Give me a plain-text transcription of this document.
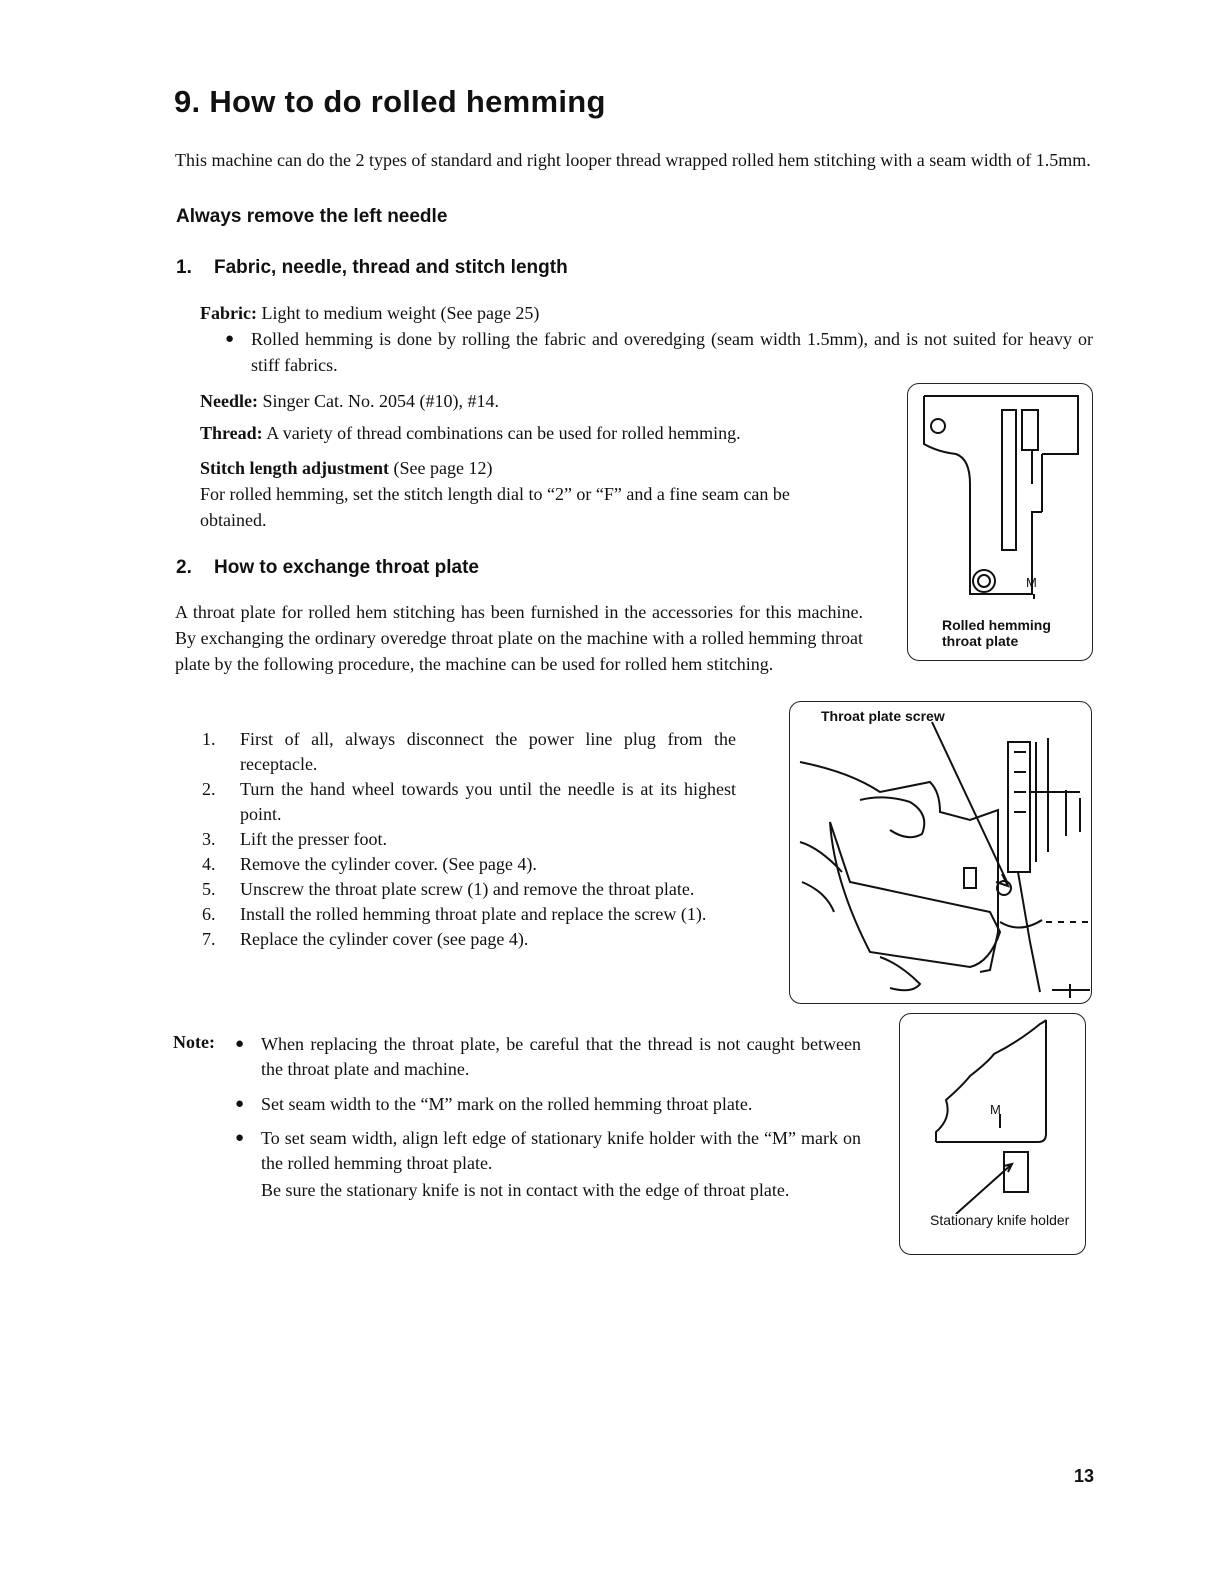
9. How to do rolled hemming
This machine can do the 2 types of standard and right looper thread wrapped rolled hem stitching with a seam width of 1.5mm.
Always remove the left needle
1. Fabric, needle, thread and stitch length
Fabric: Light to medium weight (See page 25)
● Rolled hemming is done by rolling the fabric and overedging (seam width 1.5mm), and is not suited for heavy or stiff fabrics.
Needle: Singer Cat. No. 2054 (#10), #14.
Thread: A variety of thread combinations can be used for rolled hemming.
Stitch length adjustment (See page 12)
For rolled hemming, set the stitch length dial to “2” or “F” and a fine seam can be obtained.
2. How to exchange throat plate
A throat plate for rolled hem stitching has been furnished in the accessories for this machine. By exchanging the ordinary overedge throat plate on the machine with a rolled hemming throat plate by the following procedure, the machine can be used for rolled hem stitching.
1. First of all, always disconnect the power line plug from the receptacle.
2. Turn the hand wheel towards you until the needle is at its highest point.
3. Lift the presser foot.
4. Remove the cylinder cover. (See page 4).
5. Unscrew the throat plate screw (1) and remove the throat plate.
6. Install the rolled hemming throat plate and replace the screw (1).
7. Replace the cylinder cover (see page 4).
Note: ● When replacing the throat plate, be careful that the thread is not caught between the throat plate and machine.
● Set seam width to the “M” mark on the rolled hemming throat plate.
● To set seam width, align left edge of stationary knife holder with the “M” mark on the rolled hemming throat plate.
Be sure the stationary knife is not in contact with the edge of throat plate.
M
Rolled hemming throat plate
Throat plate screw
M
Stationary knife holder
13
